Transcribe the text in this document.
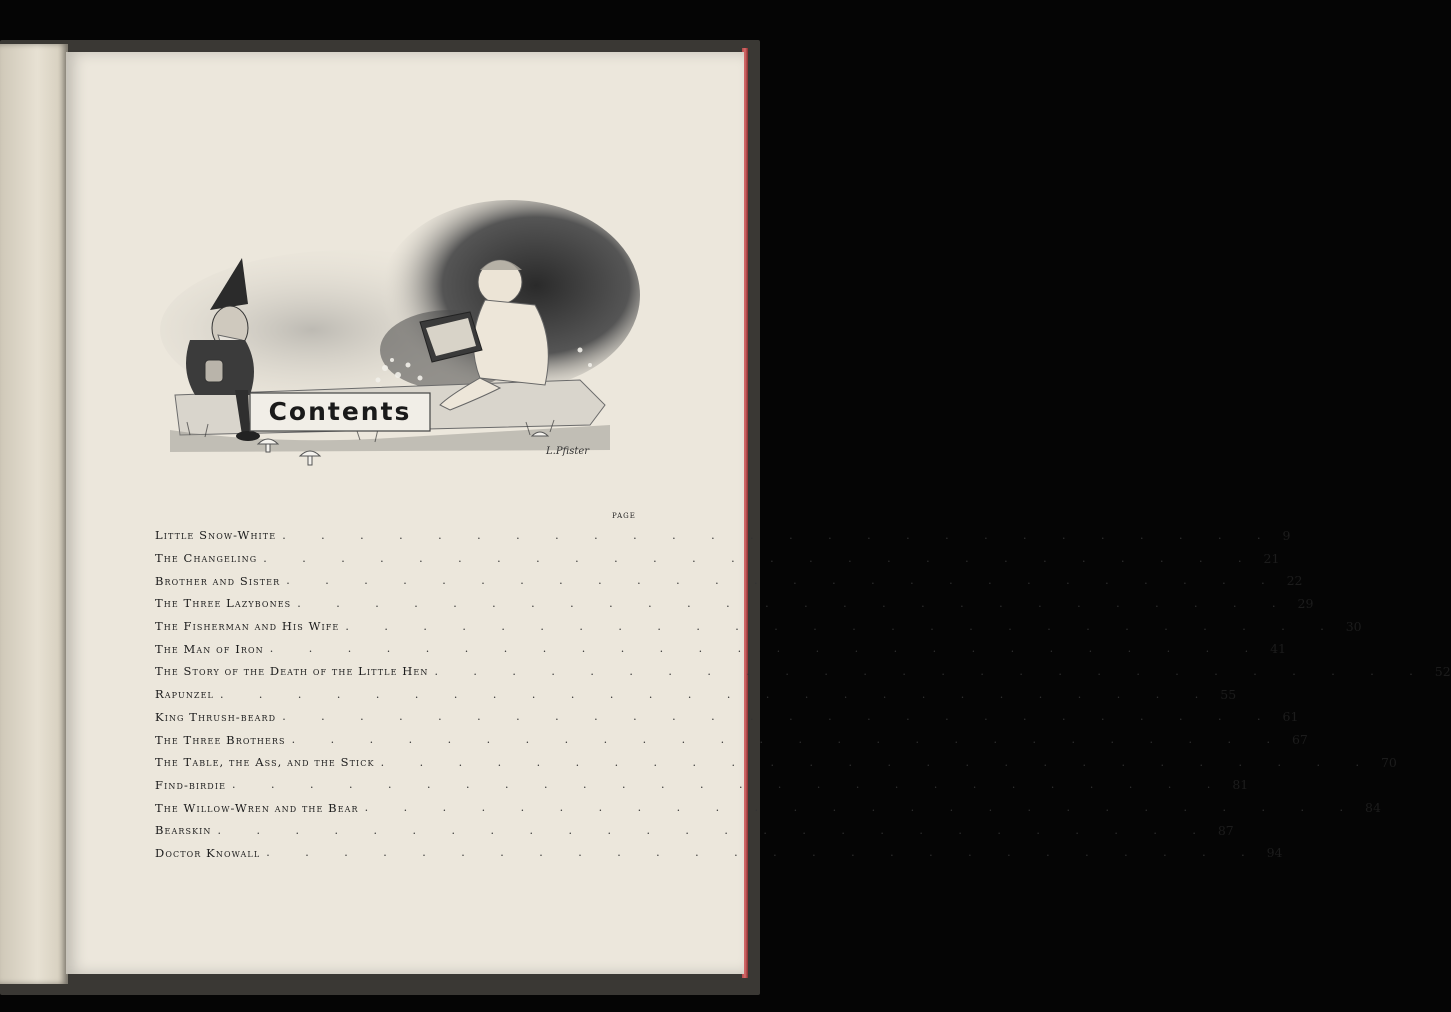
Contents
L.Pfister
PAGE
Little Snow-White . . . . . . . . . . . . . . . . . . . . . . . . . . 9
The Changeling . . . . . . . . . . . . . . . . . . . . . . . . . . 21
Brother and Sister . . . . . . . . . . . . . . . . . . . . . . . . . . 22
The Three Lazybones . . . . . . . . . . . . . . . . . . . . . . . . . . 29
The Fisherman and His Wife . . . . . . . . . . . . . . . . . . . . . . . . . . 30
The Man of Iron . . . . . . . . . . . . . . . . . . . . . . . . . . 41
The Story of the Death of the Little Hen . . . . . . . . . . . . . . . . . . . . . . . . . . 52
Rapunzel . . . . . . . . . . . . . . . . . . . . . . . . . . 55
King Thrush-beard . . . . . . . . . . . . . . . . . . . . . . . . . . 61
The Three Brothers . . . . . . . . . . . . . . . . . . . . . . . . . . 67
The Table, the Ass, and the Stick . . . . . . . . . . . . . . . . . . . . . . . . . . 70
Find-birdie . . . . . . . . . . . . . . . . . . . . . . . . . . 81
The Willow-Wren and the Bear . . . . . . . . . . . . . . . . . . . . . . . . . . 84
Bearskin . . . . . . . . . . . . . . . . . . . . . . . . . . 87
Doctor Knowall . . . . . . . . . . . . . . . . . . . . . . . . . . 94
